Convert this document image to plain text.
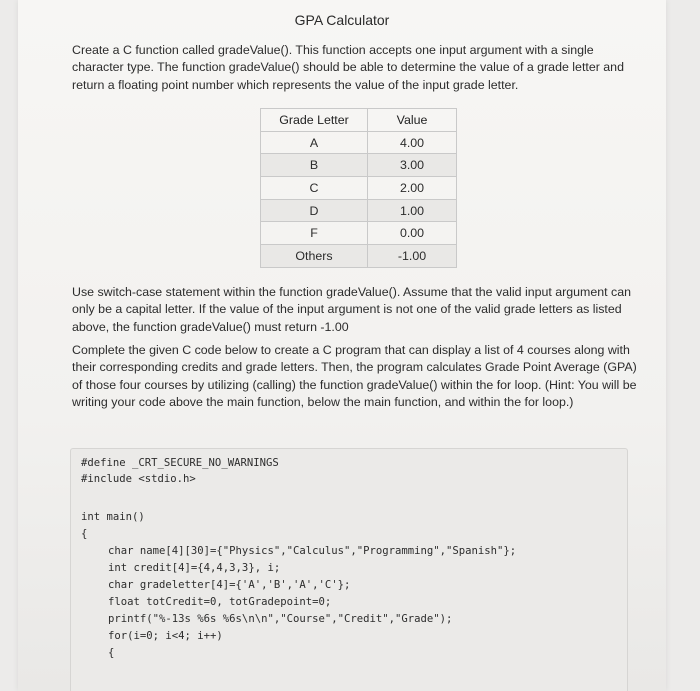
GPA Calculator
Create a C function called gradeValue(). This function accepts one input argument with a single character type. The function gradeValue() should be able to determine the value of a grade letter and return a floating point number which represents the value of the input grade letter.
Grade Letter	Value
A	4.00
B	3.00
C	2.00
D	1.00
F	0.00
Others	-1.00
Use switch-case statement within the function gradeValue(). Assume that the valid input argument can only be a capital letter. If the value of the input argument is not one of the valid grade letters as listed above, the function gradeValue() must return -1.00
Complete the given C code below to create a C program that can display a list of 4 courses along with their corresponding credits and grade letters. Then, the program calculates Grade Point Average (GPA) of those four courses by utilizing (calling) the function gradeValue() within the for loop. (Hint: You will be writing your code above the main function, below the main function, and within the for loop.)
#define _CRT_SECURE_NO_WARNINGS
#include <stdio.h>
int main()
{
char name[4][30]={"Physics","Calculus","Programming","Spanish"};
int credit[4]={4,4,3,3}, i;
char gradeletter[4]={'A','B','A','C'};
float totCredit=0, totGradepoint=0;
printf("%-13s %6s %6s\n\n","Course","Credit","Grade");
for(i=0; i<4; i++)
{
